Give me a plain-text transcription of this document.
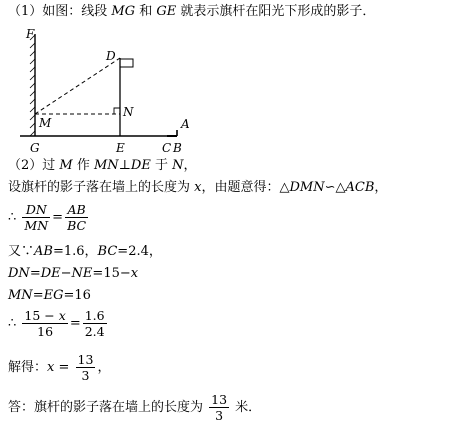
（1）如图：线段 MG 和 GE 就表示旗杆在阳光下形成的影子．
F
D
N
M	A
G	E	C B
（2）过 M 作 MN⊥DE 于 N，
设旗杆的影子落在墙上的长度为 x，由题意得：△DMN∽△ACB，
∴ $\frac{DN}{MN} = \frac{AB}{BC}$
又∵AB=1.6，BC=2.4，
DN=DE−NE=15−x
MN=EG=16
∴ $\frac{15 - x}{16} = \frac{1.6}{2.4}$
解得：$x = \frac{13}{3}$ ，
答：旗杆的影子落在墙上的长度为 $\frac{13}{3}$ 米．
